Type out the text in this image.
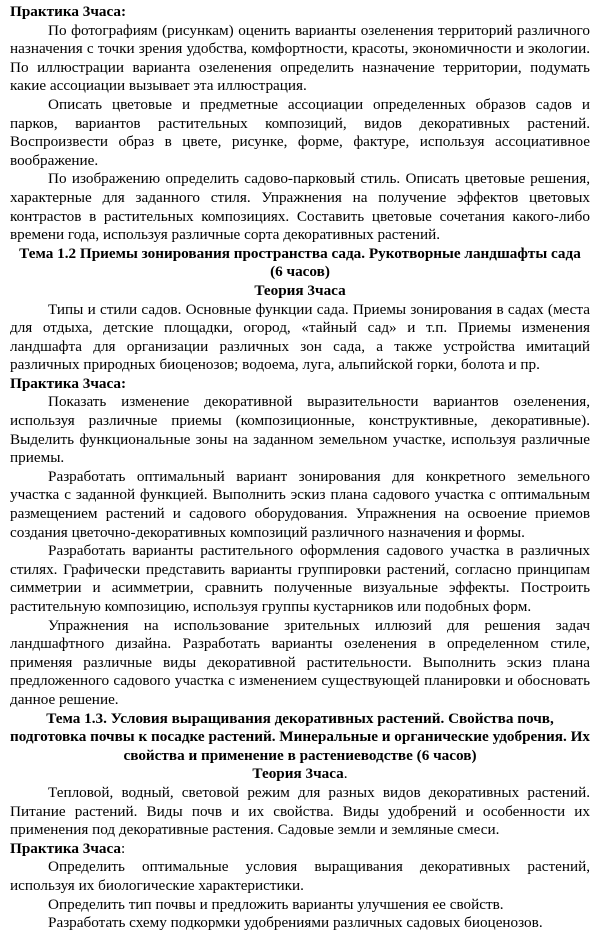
Практика 3часа:

По фотографиям (рисункам) оценить варианты озеленения территорий различного назначения с точки зрения удобства, комфортности, красоты, экономичности и экологии. По иллюстрации варианта озеленения определить назначение территории, подумать какие ассоциации вызывает эта иллюстрация.

Описать цветовые и предметные ассоциации определенных образов садов и парков, вариантов растительных композиций, видов декоративных растений. Воспроизвести образ в цвете, рисунке, форме, фактуре, используя ассоциативное воображение.

По изображению определить садово-парковый стиль. Описать цветовые решения, характерные для заданного стиля. Упражнения на получение эффектов цветовых контрастов в растительных композициях. Составить цветовые сочетания какого-либо времени года, используя различные сорта декоративных растений.

Тема 1.2 Приемы зонирования пространства сада. Рукотворные ландшафты сада
(6 часов)

Теория 3часа

Типы и стили садов. Основные функции сада. Приемы зонирования в садах (места для отдыха, детские площадки, огород, «тайный сад» и т.п. Приемы изменения ландшафта для организации различных зон сада, а также устройства имитаций различных природных биоценозов; водоема, луга, альпийской горки, болота и пр.

Практика 3часа:

Показать изменение декоративной выразительности вариантов озеленения, используя различные приемы (композиционные, конструктивные, декоративные). Выделить функциональные зоны на заданном земельном участке, используя различные приемы.

Разработать оптимальный вариант зонирования для конкретного земельного участка с заданной функцией. Выполнить эскиз плана садового участка с оптимальным размещением растений и садового оборудования. Упражнения на освоение приемов создания цветочно-декоративных композиций различного назначения и формы.

Разработать варианты растительного оформления садового участка в различных стилях. Графически представить варианты группировки растений, согласно принципам симметрии и асимметрии, сравнить полученные визуальные эффекты. Построить растительную композицию, используя группы кустарников или подобных форм.

Упражнения на использование зрительных иллюзий для решения задач ландшафтного дизайна. Разработать варианты озеленения в определенном стиле, применяя различные виды декоративной растительности. Выполнить эскиз плана предложенного садового участка с изменением существующей планировки и обосновать данное решение.

Тема 1.3. Условия выращивания декоративных растений. Свойства почв, подготовка почвы к посадке растений. Минеральные и органические удобрения. Их свойства и применение в растениеводстве (6 часов)

Теория 3часа.

Тепловой, водный, световой режим для разных видов декоративных растений. Питание растений. Виды почв и их свойства. Виды удобрений и особенности их применения под декоративные растения. Садовые земли и земляные смеси.

Практика 3часа:

Определить оптимальные условия выращивания декоративных растений, используя их биологические характеристики.

Определить тип почвы и предложить варианты улучшения ее свойств.

Разработать схему подкормки удобрениями различных садовых биоценозов.
